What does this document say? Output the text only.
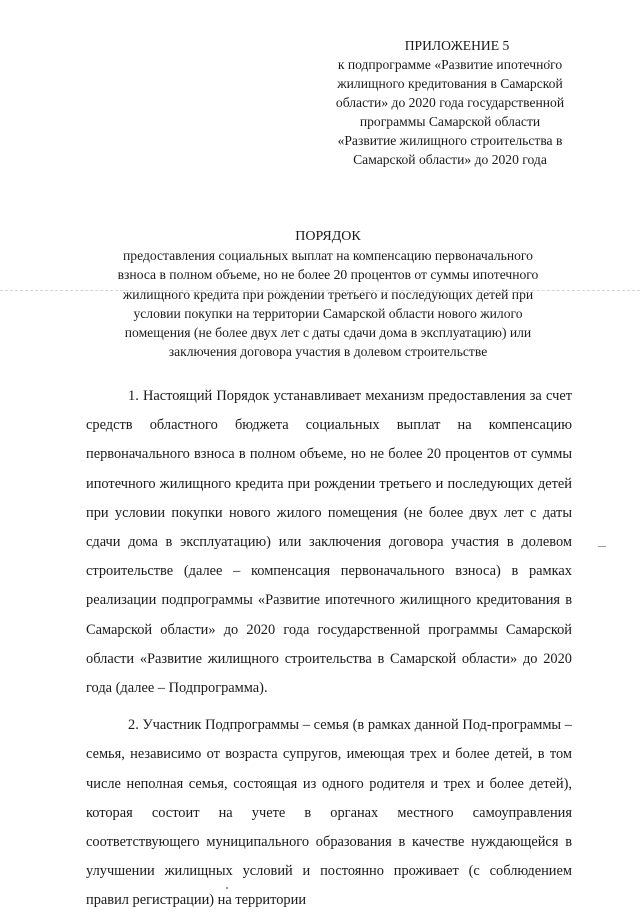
ПРИЛОЖЕНИЕ 5
к подпрограмме «Развитие ипотечного
жилищного кредитования в Самарской
области» до 2020 года государственной
программы Самарской области
«Развитие жилищного строительства в
Самарской области» до 2020 года
ПОРЯДОК
предоставления социальных выплат на компенсацию первоначального
взноса в полном объеме, но не более 20 процентов от суммы ипотечного
жилищного кредита при рождении третьего и последующих детей при
условии покупки на территории Самарской области нового жилого
помещения (не более двух лет с даты сдачи дома в эксплуатацию) или
заключения договора участия в долевом строительстве

1. Настоящий Порядок устанавливает механизм предоставления за счет средств областного бюджета социальных выплат на компенсацию первоначального взноса в полном объеме, но не более 20 процентов от суммы ипотечного жилищного кредита при рождении третьего и последующих детей при условии покупки нового жилого помещения (не более двух лет с даты сдачи дома в эксплуатацию) или заключения договора участия в долевом строительстве (далее – компенсация первоначального взноса) в рамках реализации подпрограммы «Развитие ипотечного жилищного кредитования в Самарской области» до 2020 года государственной программы Самарской области «Развитие жилищного строительства в Самарской области» до 2020 года (далее – Подпрограмма).

2. Участник Подпрограммы – семья (в рамках данной Под-программы – семья, независимо от возраста супругов, имеющая трех и более детей, в том числе неполная семья, состоящая из одного родителя и трех и более детей), которая состоит на учете в органах местного самоуправления соответствующего муниципального образования в качестве нуждающейся в улучшении жилищных условий и постоянно проживает (с соблюдением правил регистрации) на территории
